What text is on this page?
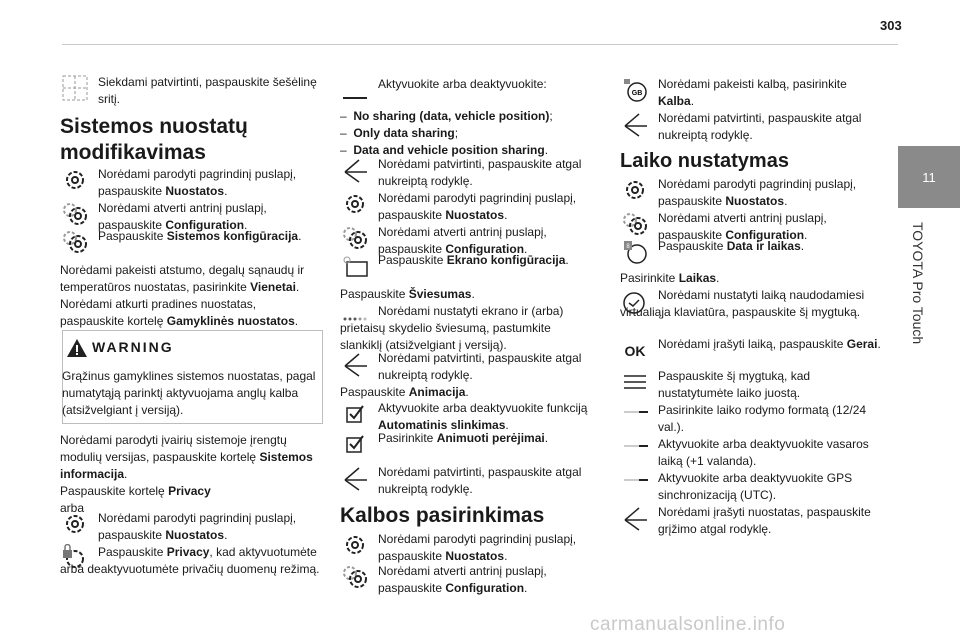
303
11
TOYOTA Pro Touch
Siekdami patvirtinti, paspauskite šešėlinę sritį.
Sistemos nuostatų
modifikavimas
Norėdami parodyti pagrindinį puslapį, paspauskite Nuostatos.
Norėdami atverti antrinį puslapį, paspauskite Configuration.
Paspauskite Sistemos konfigūracija.
Norėdami pakeisti atstumo, degalų sąnaudų ir temperatūros nuostatas, pasirinkite Vienetai. Norėdami atkurti pradines nuostatas, paspauskite kortelę Gamyklinės nuostatos.
WARNING
Grąžinus gamyklines sistemos nuostatas, pagal numatytąją parinktį aktyvuojama anglų kalba (atsižvelgiant į versiją).
Norėdami parodyti įvairių sistemoje įrengtų modulių versijas, paspauskite kortelę Sistemos informacija.
Paspauskite kortelę Privacy
arba
Norėdami parodyti pagrindinį puslapį, paspauskite Nuostatos.
Paspauskite Privacy, kad aktyvuotumėte arba deaktyvuotumėte privačių duomenų režimą.
Aktyvuokite arba deaktyvuokite:
–  No sharing (data, vehicle position);
–  Only data sharing;
–  Data and vehicle position sharing.
Norėdami patvirtinti, paspauskite atgal nukreiptą rodyklę.
Norėdami parodyti pagrindinį puslapį, paspauskite Nuostatos.
Norėdami atverti antrinį puslapį, paspauskite Configuration.
Paspauskite Ekrano konfigūracija.
Paspauskite Šviesumas.
Norėdami nustatyti ekrano ir (arba) prietaisų skydelio šviesumą, pastumkite slankiklį (atsižvelgiant į versiją).
Norėdami patvirtinti, paspauskite atgal nukreiptą rodyklę.
Paspauskite Animacija.
Aktyvuokite arba deaktyvuokite funkciją Automatinis slinkimas.
Pasirinkite Animuoti perėjimai.
Norėdami patvirtinti, paspauskite atgal nukreiptą rodyklę.
Kalbos pasirinkimas
Norėdami parodyti pagrindinį puslapį, paspauskite Nuostatos.
Norėdami atverti antrinį puslapį, paspauskite Configuration.
GB
Norėdami pakeisti kalbą, pasirinkite Kalba.
Norėdami patvirtinti, paspauskite atgal nukreiptą rodyklę.
Laiko nustatymas
Norėdami parodyti pagrindinį puslapį, paspauskite Nuostatos.
Norėdami atverti antrinį puslapį, paspauskite Configuration.
8 Paspauskite Data ir laikas.
Pasirinkite Laikas.
Norėdami nustatyti laiką naudodamiesi virtualiąja klaviatūra, paspauskite šį mygtuką.
OK	Norėdami įrašyti laiką, paspauskite Gerai.
Paspauskite šį mygtuką, kad nustatytumėte laiko juostą.
Pasirinkite laiko rodymo formatą (12/24 val.).
Aktyvuokite arba deaktyvuokite vasaros laiką (+1 valanda).
Aktyvuokite arba deaktyvuokite GPS sinchronizaciją (UTC).
Norėdami įrašyti nuostatas, paspauskite grįžimo atgal rodyklę.
carmanualsonline.info
